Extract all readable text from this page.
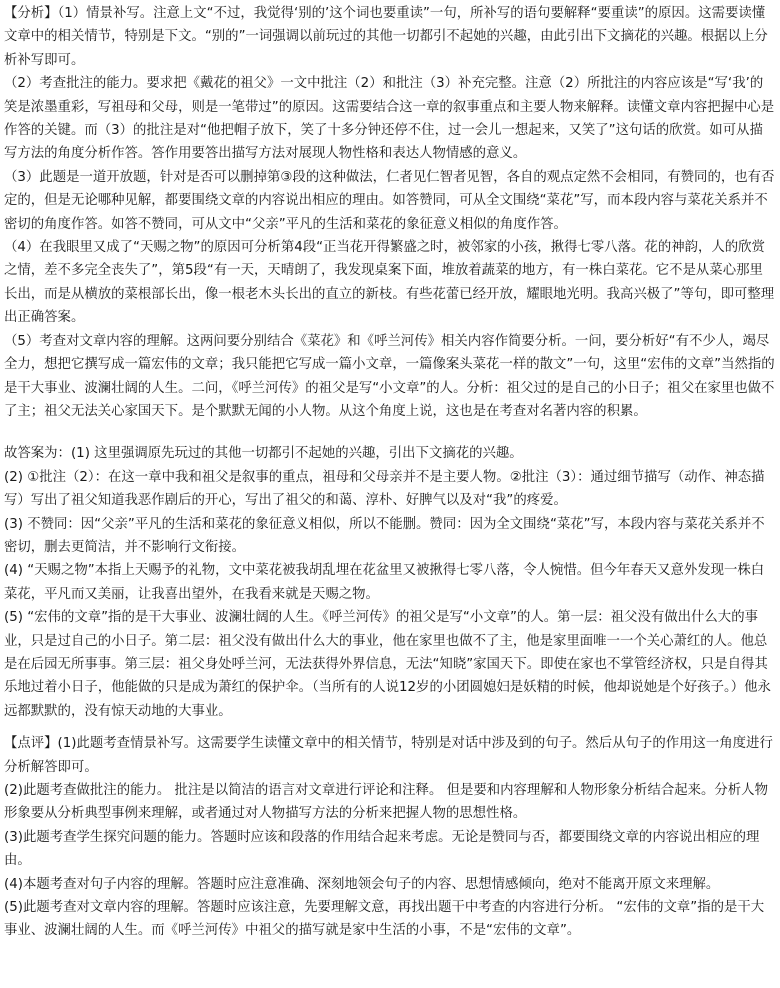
【分析】（1）情景补写。注意上文“不过，我觉得‘别的’这个词也要重读”一句，所补写的语句要解释“要重读”的原因。这需要读懂文章中的相关情节，特别是下文。“别的”一词强调以前玩过的其他一切都引不起她的兴趣，由此引出下文摘花的兴趣。根据以上分析补写即可。

（2）考查批注的能力。要求把《戴花的祖父》一文中批注（2）和批注（3）补充完整。注意（2）所批注的内容应该是“写‘我’的笑是浓墨重彩，写祖母和父母，则是一笔带过”的原因。这需要结合这一章的叙事重点和主要人物来解释。读懂文章内容把握中心是作答的关键。而（3）的批注是对“他把帽子放下，笑了十多分钟还停不住，过一会儿一想起来，又笑了”这句话的欣赏。如可从描写方法的角度分析作答。答作用要答出描写方法对展现人物性格和表达人物情感的意义。

（3）此题是一道开放题，针对是否可以删掉第③段的这种做法，仁者见仁智者见智，各自的观点定然不会相同，有赞同的，也有否定的，但是无论哪种见解，都要围绕文章的内容说出相应的理由。如答赞同，可从全文围绕“菜花”写，而本段内容与菜花关系并不密切的角度作答。如答不赞同，可从文中“父亲”平凡的生活和菜花的象征意义相似的角度作答。

（4）在我眼里又成了“天赐之物”的原因可分析第4段“正当花开得繁盛之时，被邻家的小孩，揪得七零八落。花的神韵，人的欣赏之情，差不多完全丧失了”，第5段“有一天，天晴朗了，我发现桌案下面，堆放着蔬菜的地方，有一株白菜花。它不是从菜心那里长出，而是从横放的菜根部长出，像一根老木头长出的直立的新枝。有些花蕾已经开放，耀眼地光明。我高兴极了”等句，即可整理出正确答案。

（5）考查对文章内容的理解。这两问要分别结合《菜花》和《呼兰河传》相关内容作简要分析。一问，要分析好“有不少人，竭尽全力，想把它撰写成一篇宏伟的文章；我只能把它写成一篇小文章，一篇像案头菜花一样的散文”一句，这里“宏伟的文章”当然指的是干大事业、波澜壮阔的人生。二问，《呼兰河传》的祖父是写“小文章”的人。分析：祖父过的是自己的小日子；祖父在家里也做不了主；祖父无法关心家国天下。是个默默无闻的小人物。从这个角度上说，这也是在考查对名著内容的积累。

故答案为：(1) 这里强调原先玩过的其他一切都引不起她的兴趣，引出下文摘花的兴趣。

(2) ①批注（2）：在这一章中我和祖父是叙事的重点，祖母和父母亲并不是主要人物。②批注（3）：通过细节描写（动作、神态描写）写出了祖父知道我恶作剧后的开心，写出了祖父的和蔼、淳朴、好脾气以及对“我”的疼爱。

(3) 不赞同：因“父亲”平凡的生活和菜花的象征意义相似，所以不能删。赞同：因为全文围绕“菜花”写，本段内容与菜花关系并不密切，删去更简洁，并不影响行文衔接。

(4) “天赐之物”本指上天赐予的礼物，文中菜花被我胡乱埋在花盆里又被揪得七零八落，令人惋惜。但今年春天又意外发现一株白菜花，平凡而又美丽，让我喜出望外，在我看来就是天赐之物。

(5) “宏伟的文章”指的是干大事业、波澜壮阔的人生。《呼兰河传》的祖父是写“小文章”的人。第一层：祖父没有做出什么大的事业，只是过自己的小日子。第二层：祖父没有做出什么大的事业，他在家里也做不了主，他是家里面唯一一个关心萧红的人。他总是在后园无所事事。第三层：祖父身处呼兰河，无法获得外界信息，无法“知晓”家国天下。即使在家也不掌管经济权，只是自得其乐地过着小日子，他能做的只是成为萧红的保护伞。（当所有的人说12岁的小团圆媳妇是妖精的时候，他却说她是个好孩子。）他永远都默默的，没有惊天动地的大事业。

【点评】(1)此题考查情景补写。这需要学生读懂文章中的相关情节，特别是对话中涉及到的句子。然后从句子的作用这一角度进行分析解答即可。

(2)此题考查做批注的能力。 批注是以简洁的语言对文章进行评论和注释。 但是要和内容理解和人物形象分析结合起来。分析人物形象要从分析典型事例来理解，或者通过对人物描写方法的分析来把握人物的思想性格。

(3)此题考查学生探究问题的能力。答题时应该和段落的作用结合起来考虑。无论是赞同与否，都要围绕文章的内容说出相应的理由。

(4)本题考查对句子内容的理解。答题时应注意准确、深刻地领会句子的内容、思想情感倾向，绝对不能离开原文来理解。

(5)此题考查对文章内容的理解。答题时应该注意，先要理解文意，再找出题干中考查的内容进行分析。 “宏伟的文章”指的是干大事业、波澜壮阔的人生。而《呼兰河传》中祖父的描写就是家中生活的小事，不是“宏伟的文章”。
